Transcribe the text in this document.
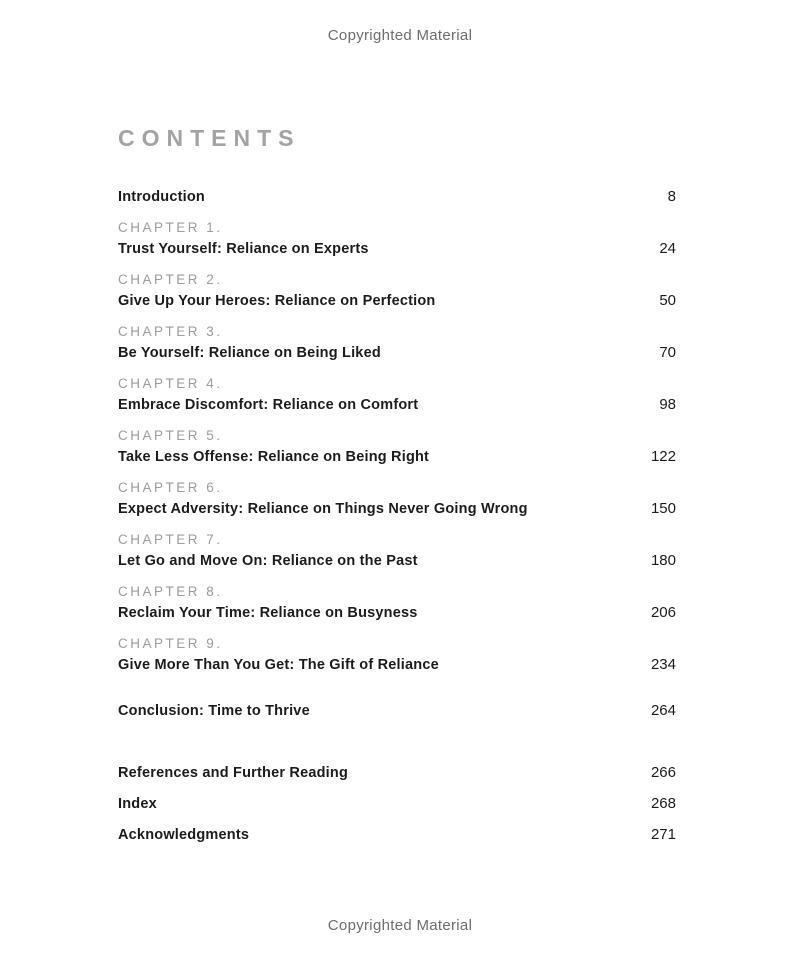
Copyrighted Material
CONTENTS
Introduction	8
CHAPTER 1.
Trust Yourself: Reliance on Experts	24
CHAPTER 2.
Give Up Your Heroes: Reliance on Perfection	50
CHAPTER 3.
Be Yourself: Reliance on Being Liked	70
CHAPTER 4.
Embrace Discomfort: Reliance on Comfort	98
CHAPTER 5.
Take Less Offense: Reliance on Being Right	122
CHAPTER 6.
Expect Adversity: Reliance on Things Never Going Wrong	150
CHAPTER 7.
Let Go and Move On: Reliance on the Past	180
CHAPTER 8.
Reclaim Your Time: Reliance on Busyness	206
CHAPTER 9.
Give More Than You Get: The Gift of Reliance	234
Conclusion: Time to Thrive	264
References and Further Reading	266
Index	268
Acknowledgments	271
Copyrighted Material
